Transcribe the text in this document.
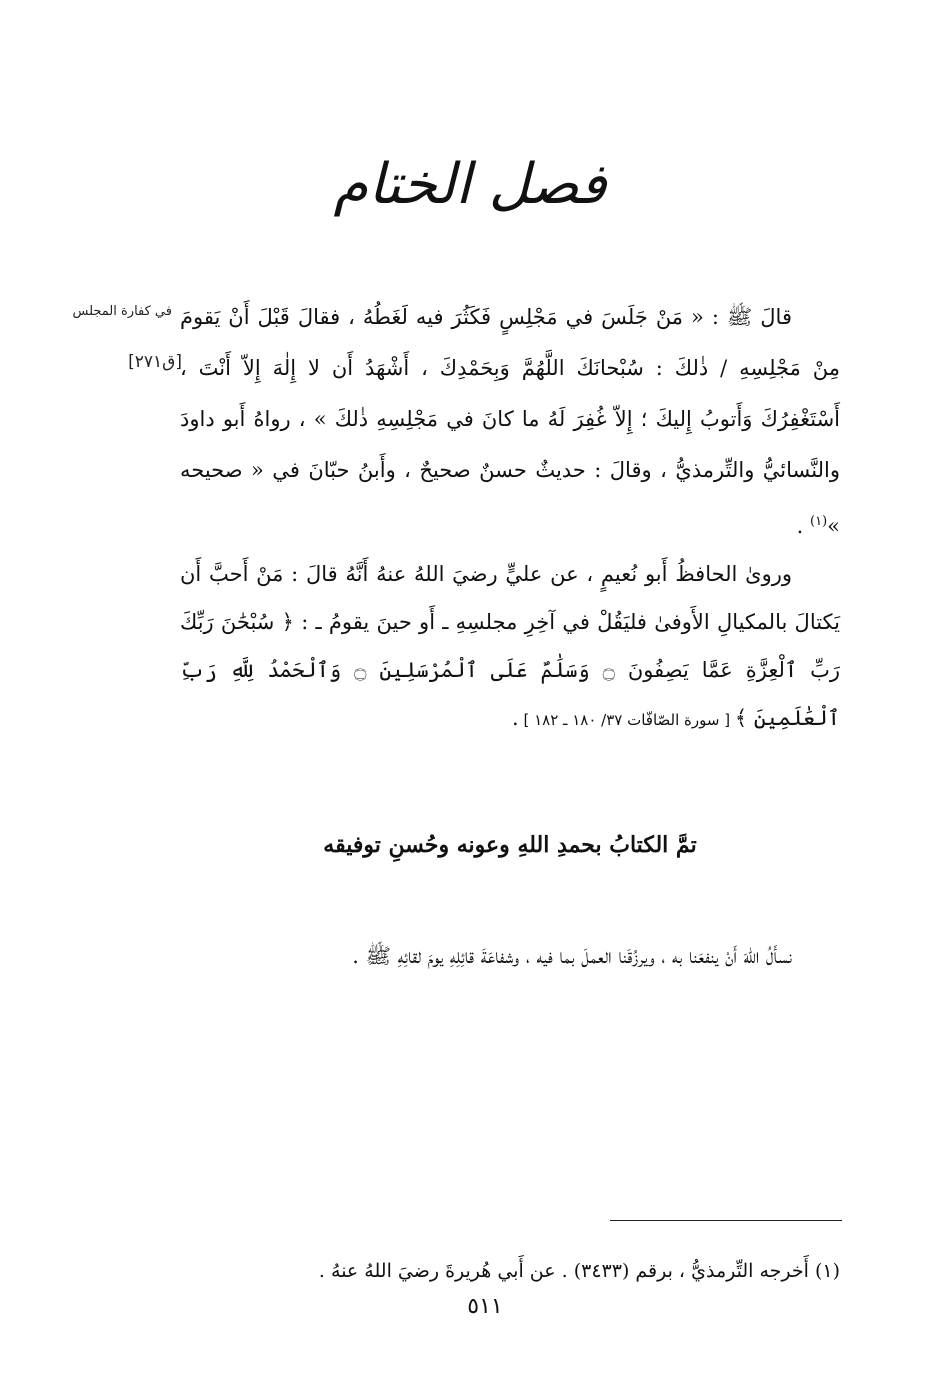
فصل الختام
في كفارة المجلس
[ق٢٧١]
قالَ ﷺ : « مَنْ جَلَسَ في مَجْلِسٍ فَكَثُرَ فيه لَغَطُهُ ، فقالَ قَبْلَ أَنْ يَقومَ مِنْ مَجْلِسِهِ / ذٰلكَ : سُبْحانَكَ اللَّهُمَّ وَبِحَمْدِكَ ، أَشْهَدُ أَن لا إِلٰهَ إِلاّ أَنْتَ ، أَسْتَغْفِرُكَ وَأَتوبُ إِليكَ ؛ إِلاّ غُفِرَ لَهُ ما كانَ في مَجْلِسِهِ ذٰلكَ » ، رواهُ أَبو داودَ والنَّسائيُّ والتِّرمذيُّ ، وقالَ : حديثٌ حسنٌ صحيحٌ ، وأَبنُ حبّانَ في « صحيحه »$^{(١)}$ .
وروىٰ الحافظُ أَبو نُعيمٍ ، عن عليٍّ رضيَ اللهُ عنهُ أَنَّهُ قالَ : مَنْ أَحبَّ أَن يَكتالَ بالمكيالِ الأَوفىٰ فليَقُلْ في آخِرِ مجلسِهِ ـ أَو حينَ يقومُ ـ : ﴿ سُبْحَٰنَ رَبِّكَ رَبِّ ٱلْعِزَّةِ عَمَّا يَصِفُونَ ۝ وَسَلَٰمٌ عَلَى ٱلْمُرْسَلِينَ ۝ وَٱلْحَمْدُ لِلَّهِ رَبِّ ٱلْعَٰلَمِينَ ﴾ [ سورة الصّافّات ٣٧/ ١٨٠ ـ ١٨٢ ] .
تمَّ الكتابُ بحمدِ اللهِ وعونه وحُسنِ توفيقه
نسأَلُ اللهَ أَنْ ينفعَنا به ، ويرزُقَنا العملَ بما فيه ، وشفاعَةَ قائِلِهِ يومَ لقائِهِ ﷺ .
(١) أَخرجه التِّرمذيُّ ، برقم (٣٤٣٣) . عن أَبي هُريرةَ رضيَ اللهُ عنهُ .
٥١١
